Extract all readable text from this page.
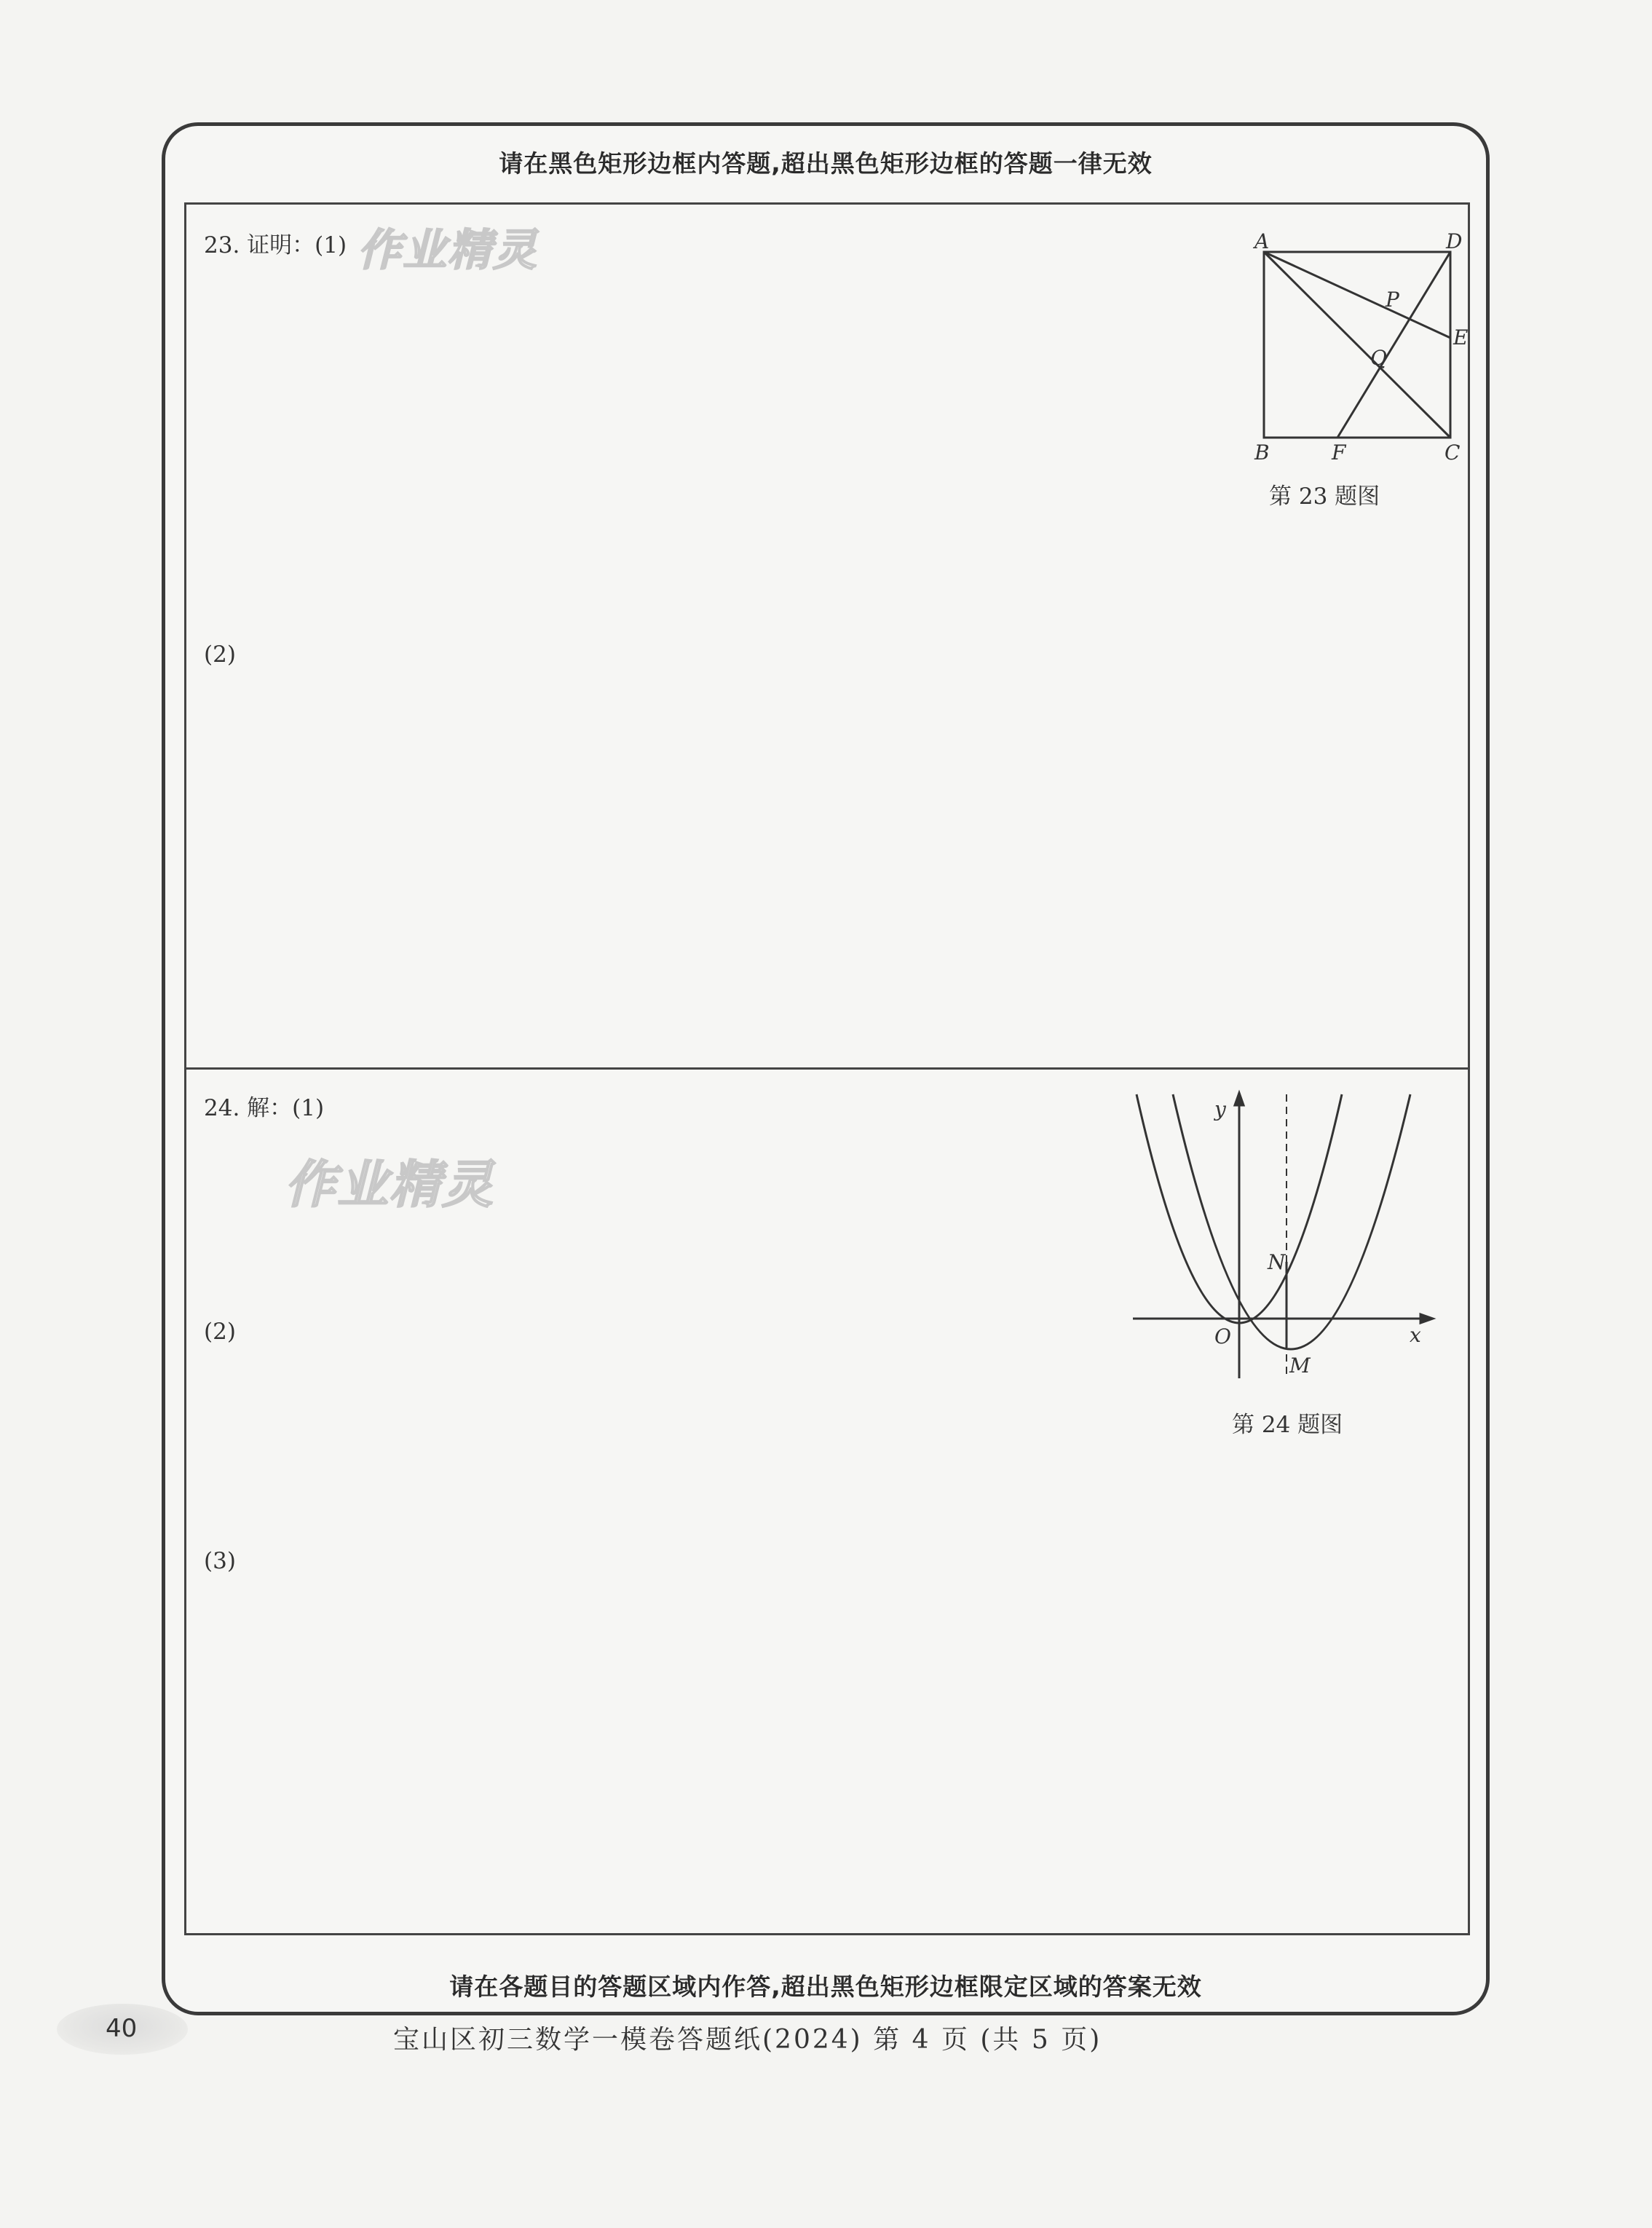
请在黑色矩形边框内答题,超出黑色矩形边框的答题一律无效
23. 证明：(1) 作业精灵
(2)
A	D
P
E
Q
B	F	C
第 23 题图
24. 解：(1)
作业精灵
(2)
(3)
y
x
O
N
M
第 24 题图
请在各题目的答题区域内作答,超出黑色矩形边框限定区域的答案无效
40	宝山区初三数学一模卷答题纸(2024) 第 4 页 (共 5 页)
